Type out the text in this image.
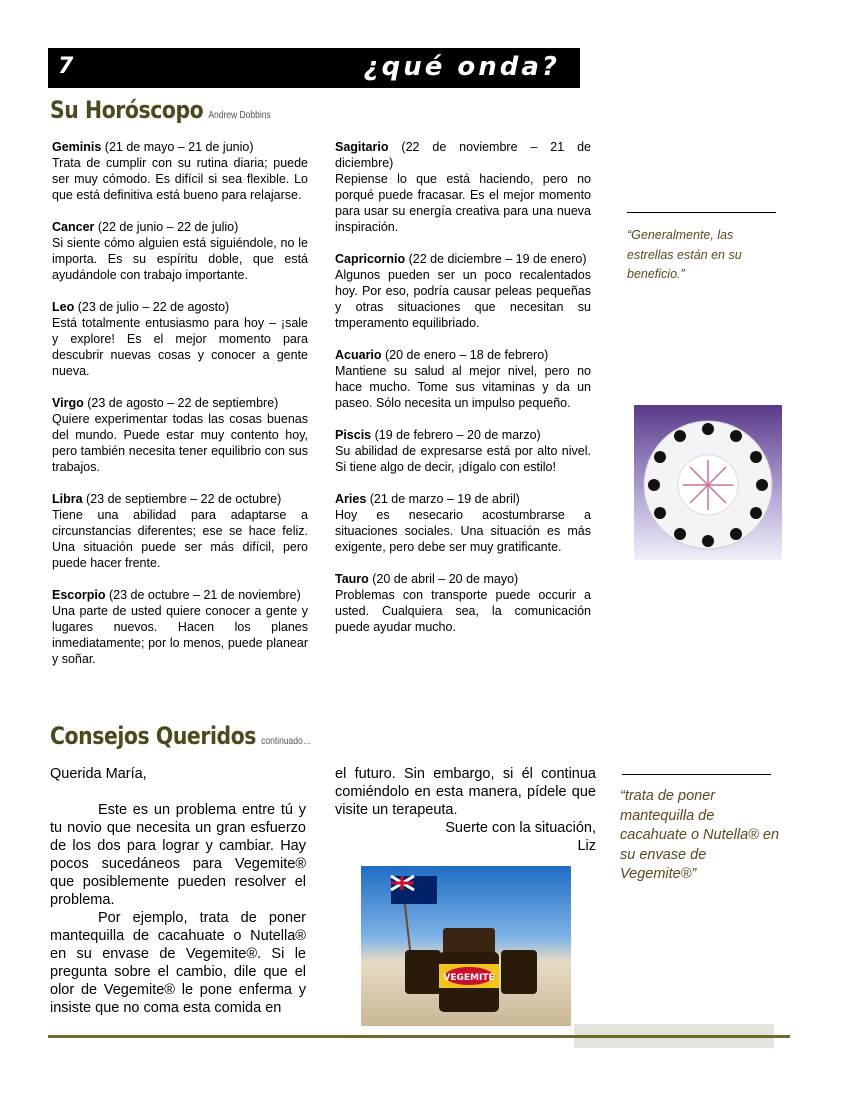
7	¿qué onda?
Su Horóscopo Andrew Dobbins
Geminis (21 de mayo – 21 de junio)
Trata de cumplir con su rutina diaria; puede ser muy cómodo. Es difícil si sea flexible. Lo que está definitiva está bueno para relajarse.
Cancer (22 de junio – 22 de julio)
Si siente cómo alguien está siguiéndole, no le importa. Es su espíritu doble, que está ayudándole con trabajo importante.
Leo (23 de julio – 22 de agosto)
Está totalmente entusiasmo para hoy – ¡sale y explore! Es el mejor momento para descubrir nuevas cosas y conocer a gente nueva.
Virgo (23 de agosto – 22 de septiembre)
Quiere experimentar todas las cosas buenas del mundo. Puede estar muy contento hoy, pero también necesita tener equilibrio con sus trabajos.
Libra (23 de septiembre – 22 de octubre)
Tiene una abilidad para adaptarse a circunstancias diferentes; ese se hace feliz. Una situación puede ser más difícil, pero puede hacer frente.
Escorpio (23 de octubre – 21 de noviembre)
Una parte de usted quiere conocer a gente y lugares nuevos. Hacen los planes inmediatamente; por lo menos, puede planear y soñar.
Sagitario (22 de noviembre – 21 de diciembre)
Repiense lo que está haciendo, pero no porqué puede fracasar. Es el mejor momento para usar su energía creativa para una nueva inspiración.
Capricornio (22 de diciembre – 19 de enero)
Algunos pueden ser un poco recalentados hoy. Por eso, podría causar peleas pequeñas y otras situaciones que necesitan su tmperamento equilibriado.
Acuario (20 de enero – 18 de febrero)
Mantiene su salud al mejor nivel, pero no hace mucho. Tome sus vitaminas y da un paseo. Sólo necesita un impulso pequeño.
Piscis (19 de febrero – 20 de marzo)
Su abilidad de expresarse está por alto nivel. Si tiene algo de decir, ¡dígalo con estilo!
Aries (21 de marzo – 19 de abril)
Hoy es nesecario acostumbrarse a situaciones sociales. Una situación es más exigente, pero debe ser muy gratificante.
Tauro (20 de abril – 20 de mayo)
Problemas con transporte puede occurir a usted. Cualquiera sea, la comunicación puede ayudar mucho.
“Generalmente, las estrellas están en su beneficio.”
Consejos Queridos continuado…

Querida María,

Este es un problema entre tú y tu novio que necesita un gran esfuerzo de los dos para lograr y cambiar. Hay pocos sucedáneos para Vegemite® que posiblemente pueden resolver el problema.

Por ejemplo, trata de poner mantequilla de cacahuate o Nutella® en su envase de Vegemite®. Si le pregunta sobre el cambio, dile que el olor de Vegemite® le pone enferma y insiste que no coma esta comida en

el futuro. Sin embargo, si él continua comiéndolo en esta manera, pídele que visite un terapeuta.

Suerte con la situación,

Liz

“trata de poner mantequilla de cacahuate o Nutella® en su envase de Vegemite®”
VEGEMITE
